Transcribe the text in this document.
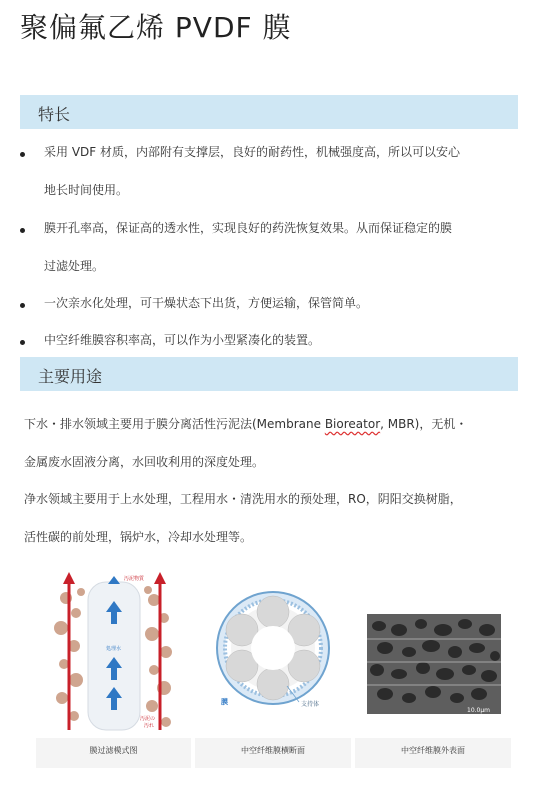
聚偏氟乙烯 PVDF 膜
特长
采用 VDF 材质，内部附有支撑层，良好的耐药性，机械强度高，所以可以安心
地长时间使用。
膜开孔率高，保证高的透水性，实现良好的药洗恢复效果。从而保证稳定的膜
过滤处理。
一次亲水化处理，可干燥状态下出货，方便运输，保管简单。
中空纤维膜容积率高，可以作为小型紧凑化的装置。
主要用途
下水・排水领域主要用于膜分离活性污泥法(Membrane Bioreator, MBR)，无机・
金属废水固液分离，水回收利用的深度处理。
净水领域主要用于上水处理，工程用水・清洗用水的预处理，RO，阴阳交换树脂，
活性碳的前处理，锅炉水，冷却水处理等。
汚泥物質
処理水
汚泥の
汚れ
膜过滤模式图
膜	支持体
中空纤维膜横断面
10.0μm
中空纤维膜外表面
